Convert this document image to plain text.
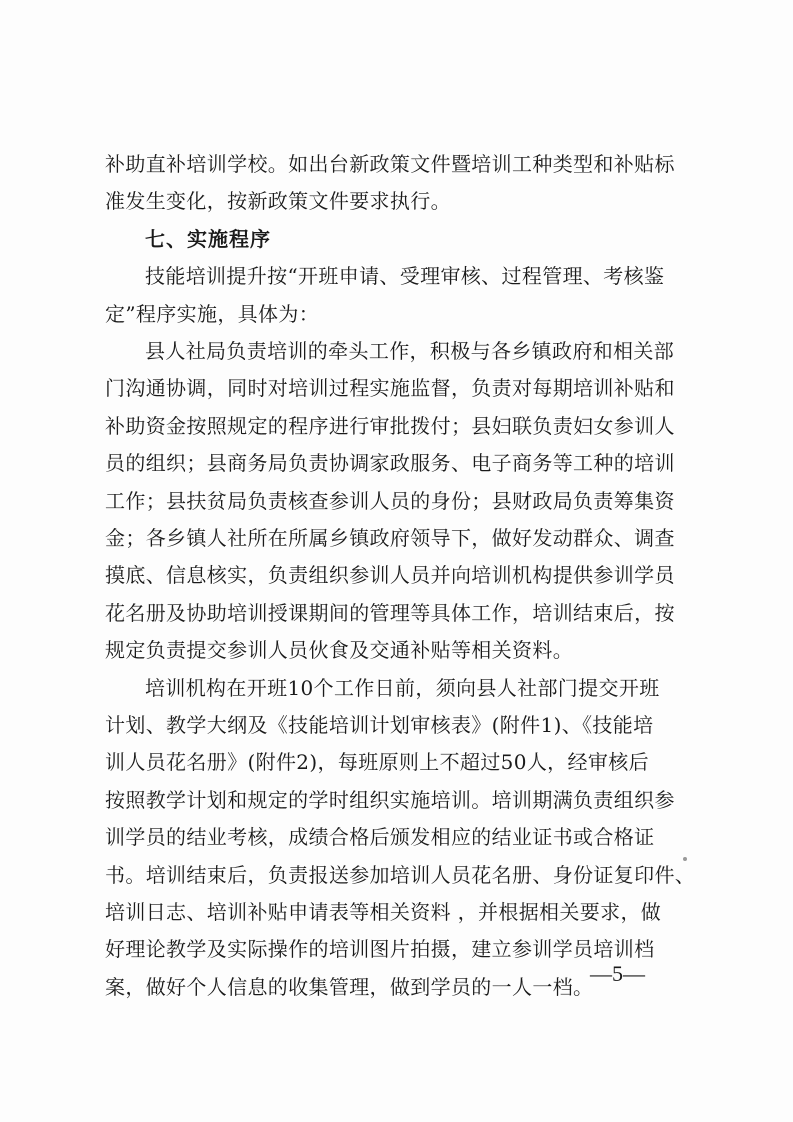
补助直补培训学校。如出台新政策文件暨培训工种类型和补贴标
准发生变化，按新政策文件要求执行。
七、实施程序
技能培训提升按“开班申请、受理审核、过程管理、考核鉴
定”程序实施，具体为：
县人社局负责培训的牵头工作，积极与各乡镇政府和相关部
门沟通协调，同时对培训过程实施监督，负责对每期培训补贴和
补助资金按照规定的程序进行审批拨付；县妇联负责妇女参训人
员的组织；县商务局负责协调家政服务、电子商务等工种的培训
工作；县扶贫局负责核查参训人员的身份；县财政局负责筹集资
金；各乡镇人社所在所属乡镇政府领导下，做好发动群众、调查
摸底、信息核实，负责组织参训人员并向培训机构提供参训学员
花名册及协助培训授课期间的管理等具体工作，培训结束后，按
规定负责提交参训人员伙食及交通补贴等相关资料。
培训机构在开班10个工作日前，须向县人社部门提交开班
计划、教学大纲及《技能培训计划审核表》(附件1)、《技能培
训人员花名册》(附件2)，每班原则上不超过50人，经审核后
按照教学计划和规定的学时组织实施培训。培训期满负责组织参
训学员的结业考核，成绩合格后颁发相应的结业证书或合格证
书。培训结束后，负责报送参加培训人员花名册、身份证复印件、
培训日志、培训补贴申请表等相关资料 ，并根据相关要求，做
好理论教学及实际操作的培训图片拍摄，建立参训学员培训档
案，做好个人信息的收集管理，做到学员的一人一档。
—5—
